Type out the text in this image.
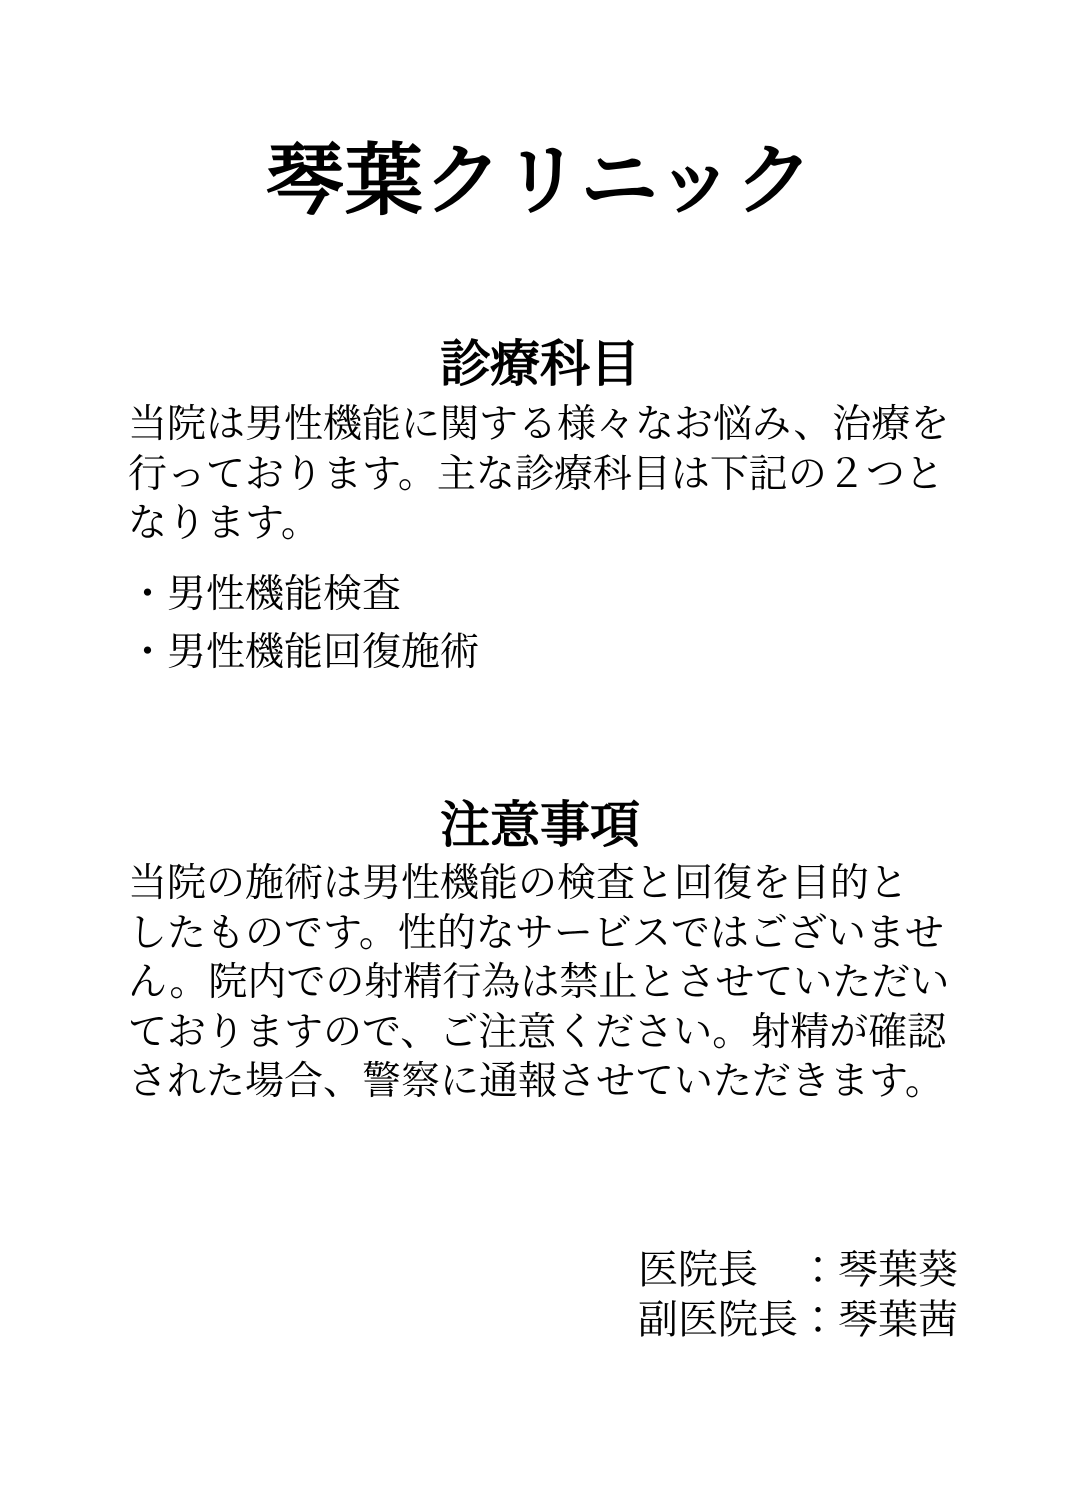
琴葉クリニック
診療科目
当院は男性機能に関する様々なお悩み、治療を
行っております。主な診療科目は下記の２つと
なります。
・男性機能検査
・男性機能回復施術
注意事項
当院の施術は男性機能の検査と回復を目的と
したものです。性的なサービスではございませ
ん。院内での射精行為は禁止とさせていただい
ておりますので、ご注意ください。射精が確認
された場合、警察に通報させていただきます。
医院長　：琴葉葵
副医院長：琴葉茜
